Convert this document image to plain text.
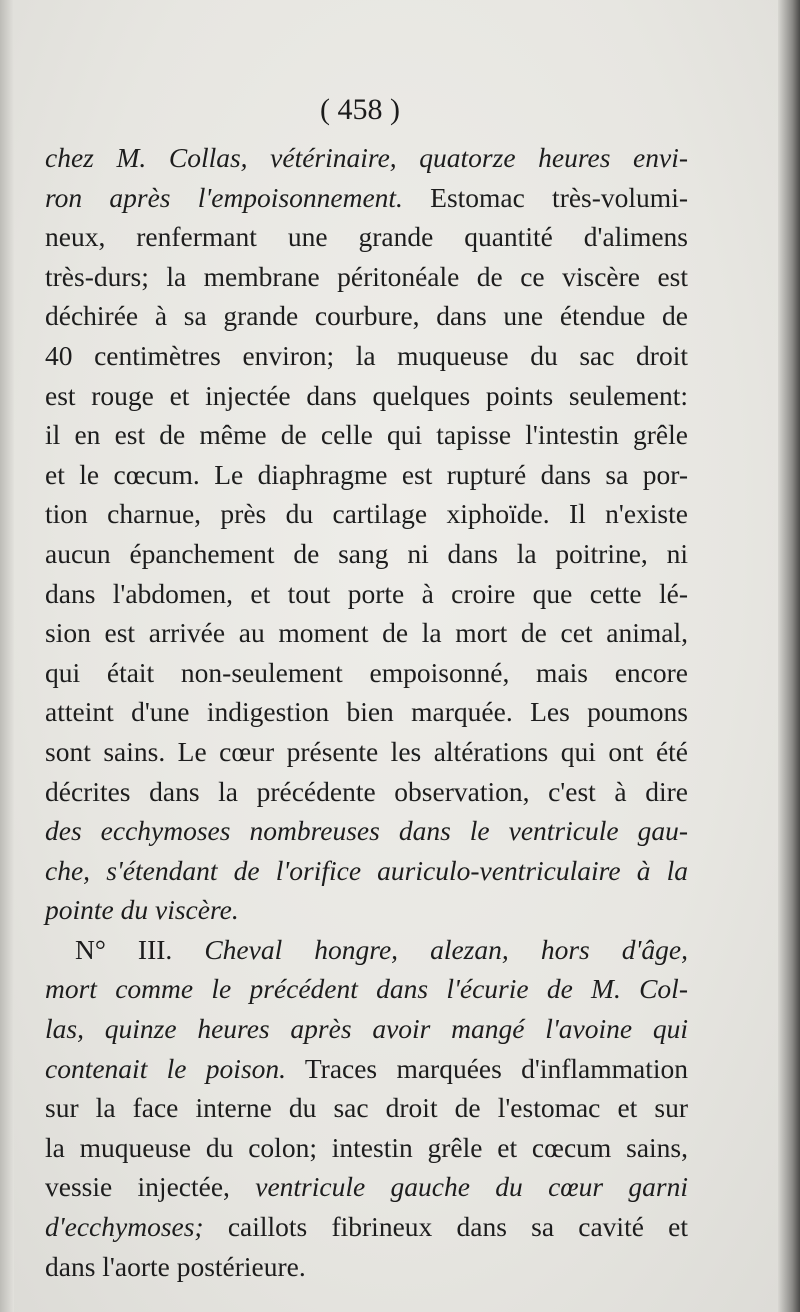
( 458 )
chez M. Collas, vétérinaire, quatorze heures envi-
ron après l'empoisonnement. Estomac très-volumi-
neux, renfermant une grande quantité d'alimens
très-durs; la membrane péritonéale de ce viscère est
déchirée à sa grande courbure, dans une étendue de
40 centimètres environ; la muqueuse du sac droit
est rouge et injectée dans quelques points seulement:
il en est de même de celle qui tapisse l'intestin grêle
et le cœcum. Le diaphragme est rupturé dans sa por-
tion charnue, près du cartilage xiphoïde. Il n'existe
aucun épanchement de sang ni dans la poitrine, ni
dans l'abdomen, et tout porte à croire que cette lé-
sion est arrivée au moment de la mort de cet animal,
qui était non-seulement empoisonné, mais encore
atteint d'une indigestion bien marquée. Les poumons
sont sains. Le cœur présente les altérations qui ont été
décrites dans la précédente observation, c'est à dire
des ecchymoses nombreuses dans le ventricule gau-
che, s'étendant de l'orifice auriculo-ventriculaire à la
pointe du viscère.
N° III. Cheval hongre, alezan, hors d'âge,
mort comme le précédent dans l'écurie de M. Col-
las, quinze heures après avoir mangé l'avoine qui
contenait le poison. Traces marquées d'inflammation
sur la face interne du sac droit de l'estomac et sur
la muqueuse du colon; intestin grêle et cœcum sains,
vessie injectée, ventricule gauche du cœur garni
d'ecchymoses; caillots fibrineux dans sa cavité et
dans l'aorte postérieure.
